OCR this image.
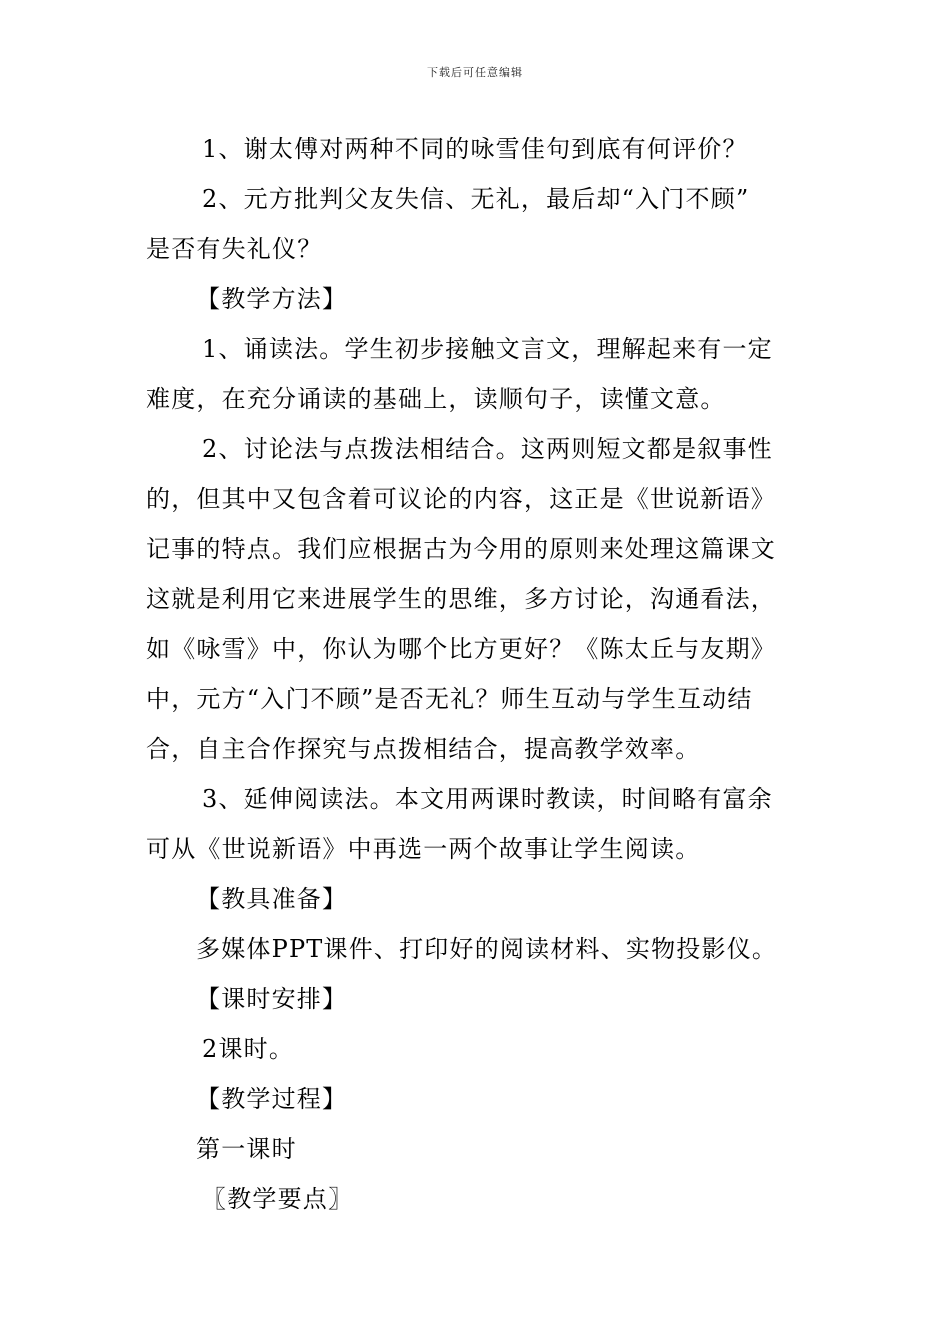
下载后可任意编辑
1、谢太傅对两种不同的咏雪佳句到底有何评价？
2、元方批判父友失信、无礼，最后却“入门不顾”
是否有失礼仪？
【教学方法】
1、诵读法。学生初步接触文言文，理解起来有一定
难度，在充分诵读的基础上，读顺句子，读懂文意。
2、讨论法与点拨法相结合。这两则短文都是叙事性
的，但其中又包含着可议论的内容，这正是《世说新语》
记事的特点。我们应根据古为今用的原则来处理这篇课文
这就是利用它来进展学生的思维，多方讨论，沟通看法，
如《咏雪》中，你认为哪个比方更好？《陈太丘与友期》
中，元方“入门不顾”是否无礼？师生互动与学生互动结
合，自主合作探究与点拨相结合，提高教学效率。
3、延伸阅读法。本文用两课时教读，时间略有富余
可从《世说新语》中再选一两个故事让学生阅读。
【教具准备】
多媒体PPT课件、打印好的阅读材料、实物投影仪。
【课时安排】
2课时。
【教学过程】
第一课时
〖教学要点〗
